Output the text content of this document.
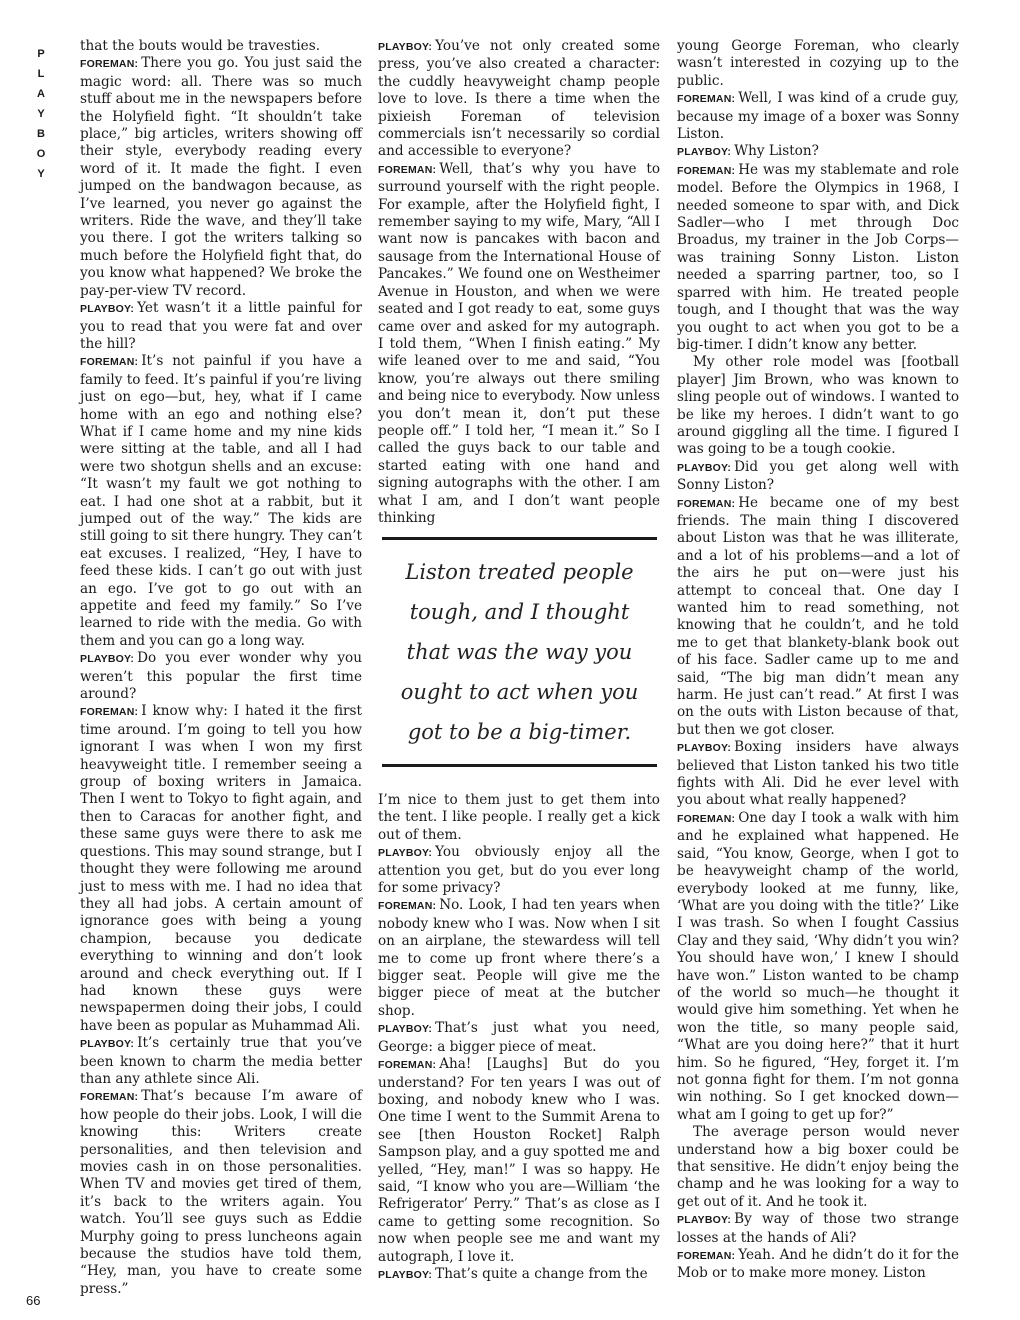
P
L
A
Y
B
O
Y

that the bouts would be travesties.

FOREMAN: There you go. You just said the magic word: all. There was so much stuff about me in the newspapers before the Holyfield fight. “It shouldn’t take place,” big articles, writers showing off their style, everybody reading every word of it. It made the fight. I even jumped on the bandwagon because, as I’ve learned, you never go against the writers. Ride the wave, and they’ll take you there. I got the writers talking so much before the Holyfield fight that, do you know what happened? We broke the pay-per-view TV record.

PLAYBOY: Yet wasn’t it a little painful for you to read that you were fat and over the hill?

FOREMAN: It’s not painful if you have a family to feed. It’s painful if you’re living just on ego—but, hey, what if I came home with an ego and nothing else? What if I came home and my nine kids were sitting at the table, and all I had were two shotgun shells and an excuse: “It wasn’t my fault we got nothing to eat. I had one shot at a rabbit, but it jumped out of the way.” The kids are still going to sit there hungry. They can’t eat excuses. I realized, “Hey, I have to feed these kids. I can’t go out with just an ego. I’ve got to go out with an appetite and feed my family.” So I’ve learned to ride with the media. Go with them and you can go a long way.

PLAYBOY: Do you ever wonder why you weren’t this popular the first time around?

FOREMAN: I know why: I hated it the first time around. I’m going to tell you how ignorant I was when I won my first heavyweight title. I remember seeing a group of boxing writers in Jamaica. Then I went to Tokyo to fight again, and then to Caracas for another fight, and these same guys were there to ask me questions. This may sound strange, but I thought they were following me around just to mess with me. I had no idea that they all had jobs. A certain amount of ignorance goes with being a young champion, because you dedicate everything to winning and don’t look around and check everything out. If I had known these guys were newspapermen doing their jobs, I could have been as popular as Muhammad Ali.

PLAYBOY: It’s certainly true that you’ve been known to charm the media better than any athlete since Ali.

FOREMAN: That’s because I’m aware of how people do their jobs. Look, I will die knowing this: Writers create personalities, and then television and movies cash in on those personalities. When TV and movies get tired of them, it’s back to the writers again. You watch. You’ll see guys such as Eddie Murphy going to press luncheons again because the studios have told them, “Hey, man, you have to create some press.”

PLAYBOY: You’ve not only created some press, you’ve also created a character: the cuddly heavyweight champ people love to love. Is there a time when the pixieish Foreman of television commercials isn’t necessarily so cordial and accessible to everyone?

FOREMAN: Well, that’s why you have to surround yourself with the right people. For example, after the Holyfield fight, I remember saying to my wife, Mary, “All I want now is pancakes with bacon and sausage from the International House of Pancakes.” We found one on Westheimer Avenue in Houston, and when we were seated and I got ready to eat, some guys came over and asked for my autograph. I told them, “When I finish eating.” My wife leaned over to me and said, “You know, you’re always out there smiling and being nice to everybody. Now unless you don’t mean it, don’t put these people off.” I told her, “I mean it.” So I called the guys back to our table and started eating with one hand and signing autographs with the other. I am what I am, and I don’t want people thinking

Liston treated people tough, and I thought that was the way you ought to act when you got to be a big-timer.

I’m nice to them just to get them into the tent. I like people. I really get a kick out of them.

PLAYBOY: You obviously enjoy all the attention you get, but do you ever long for some privacy?

FOREMAN: No. Look, I had ten years when nobody knew who I was. Now when I sit on an airplane, the stewardess will tell me to come up front where there’s a bigger seat. People will give me the bigger piece of meat at the butcher shop.

PLAYBOY: That’s just what you need, George: a bigger piece of meat.

FOREMAN: Aha! [Laughs] But do you understand? For ten years I was out of boxing, and nobody knew who I was. One time I went to the Summit Arena to see [then Houston Rocket] Ralph Sampson play, and a guy spotted me and yelled, “Hey, man!” I was so happy. He said, “I know who you are—William ‘the Refrigerator’ Perry.” That’s as close as I came to getting some recognition. So now when people see me and want my autograph, I love it.

PLAYBOY: That’s quite a change from the

young George Foreman, who clearly wasn’t interested in cozying up to the public.

FOREMAN: Well, I was kind of a crude guy, because my image of a boxer was Sonny Liston.

PLAYBOY: Why Liston?

FOREMAN: He was my stablemate and role model. Before the Olympics in 1968, I needed someone to spar with, and Dick Sadler—who I met through Doc Broadus, my trainer in the Job Corps—was training Sonny Liston. Liston needed a sparring partner, too, so I sparred with him. He treated people tough, and I thought that was the way you ought to act when you got to be a big-timer. I didn’t know any better.

My other role model was [football player] Jim Brown, who was known to sling people out of windows. I wanted to be like my heroes. I didn’t want to go around giggling all the time. I figured I was going to be a tough cookie.

PLAYBOY: Did you get along well with Sonny Liston?

FOREMAN: He became one of my best friends. The main thing I discovered about Liston was that he was illiterate, and a lot of his problems—and a lot of the airs he put on—were just his attempt to conceal that. One day I wanted him to read something, not knowing that he couldn’t, and he told me to get that blankety-blank book out of his face. Sadler came up to me and said, “The big man didn’t mean any harm. He just can’t read.” At first I was on the outs with Liston because of that, but then we got closer.

PLAYBOY: Boxing insiders have always believed that Liston tanked his two title fights with Ali. Did he ever level with you about what really happened?

FOREMAN: One day I took a walk with him and he explained what happened. He said, “You know, George, when I got to be heavyweight champ of the world, everybody looked at me funny, like, ‘What are you doing with the title?’ Like I was trash. So when I fought Cassius Clay and they said, ‘Why didn’t you win? You should have won,’ I knew I should have won.” Liston wanted to be champ of the world so much—he thought it would give him something. Yet when he won the title, so many people said, “What are you doing here?” that it hurt him. So he figured, “Hey, forget it. I’m not gonna fight for them. I’m not gonna win nothing. So I get knocked down—what am I going to get up for?”

The average person would never understand how a big boxer could be that sensitive. He didn’t enjoy being the champ and he was looking for a way to get out of it. And he took it.

PLAYBOY: By way of those two strange losses at the hands of Ali?

FOREMAN: Yeah. And he didn’t do it for the Mob or to make more money. Liston

66
